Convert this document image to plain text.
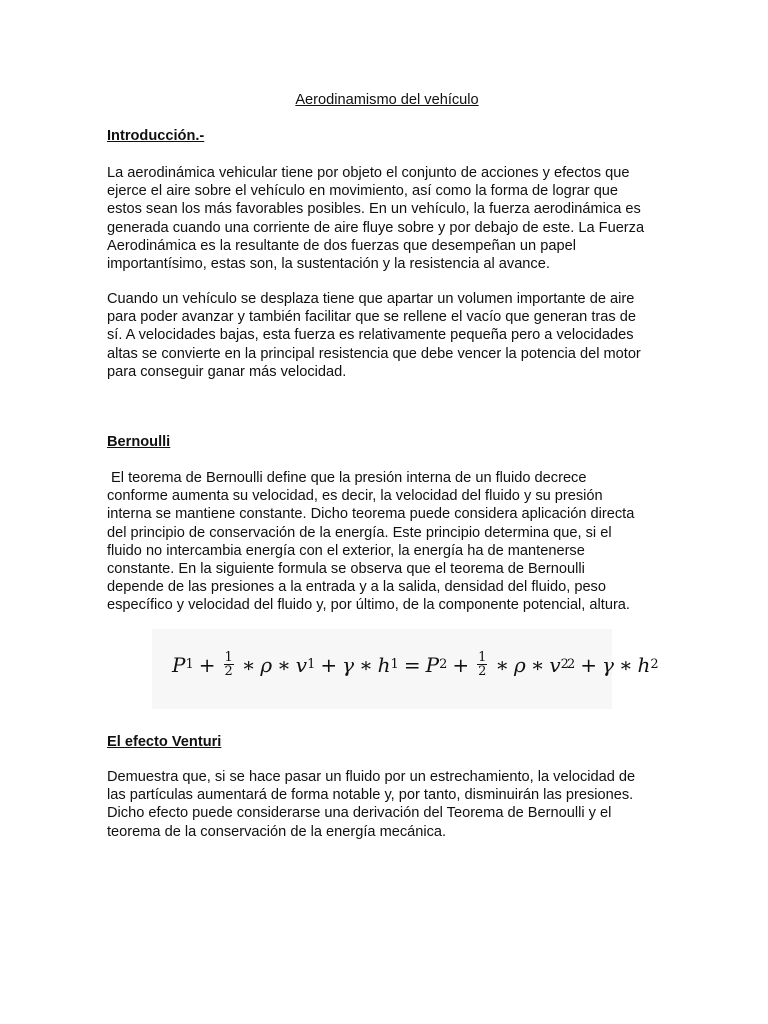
Aerodinamismo del vehículo
Introducción.-
La aerodinámica vehicular tiene por objeto el conjunto de acciones y efectos que
ejerce el aire sobre el vehículo en movimiento, así como la forma de lograr que
estos sean los más favorables posibles. En un vehículo, la fuerza aerodinámica es
generada cuando una corriente de aire fluye sobre y por debajo de este. La Fuerza
Aerodinámica es la resultante de dos fuerzas que desempeñan un papel
importantísimo, estas son, la sustentación y la resistencia al avance.
Cuando un vehículo se desplaza tiene que apartar un volumen importante de aire
para poder avanzar y también facilitar que se rellene el vacío que generan tras de
sí. A velocidades bajas, esta fuerza es relativamente pequeña pero a velocidades
altas se convierte en la principal resistencia que debe vencer la potencia del motor
para conseguir ganar más velocidad.
Bernoulli
El teorema de Bernoulli define que la presión interna de un fluido decrece
conforme aumenta su velocidad, es decir, la velocidad del fluido y su presión
interna se mantiene constante. Dicho teorema puede considera aplicación directa
del principio de conservación de la energía. Este principio determina que, si el
fluido no intercambia energía con el exterior, la energía ha de mantenerse
constante. En la siguiente formula se observa que el teorema de Bernoulli
depende de las presiones a la entrada y a la salida, densidad del fluido, peso
específico y velocidad del fluido y, por último, de la componente potencial, altura.
El efecto Venturi
Demuestra que, si se hace pasar un fluido por un estrechamiento, la velocidad de
las partículas aumentará de forma notable y, por tanto, disminuirán las presiones.
Dicho efecto puede considerarse una derivación del Teorema de Bernoulli y el
teorema de la conservación de la energía mecánica.
P $1 + \frac{1}{2}$ ∗ ρ ∗ v 1 + γ ∗ h 1 = P $2 + \frac{1}{2}$ ∗ ρ ∗ v 2
2 + γ ∗ h 2
